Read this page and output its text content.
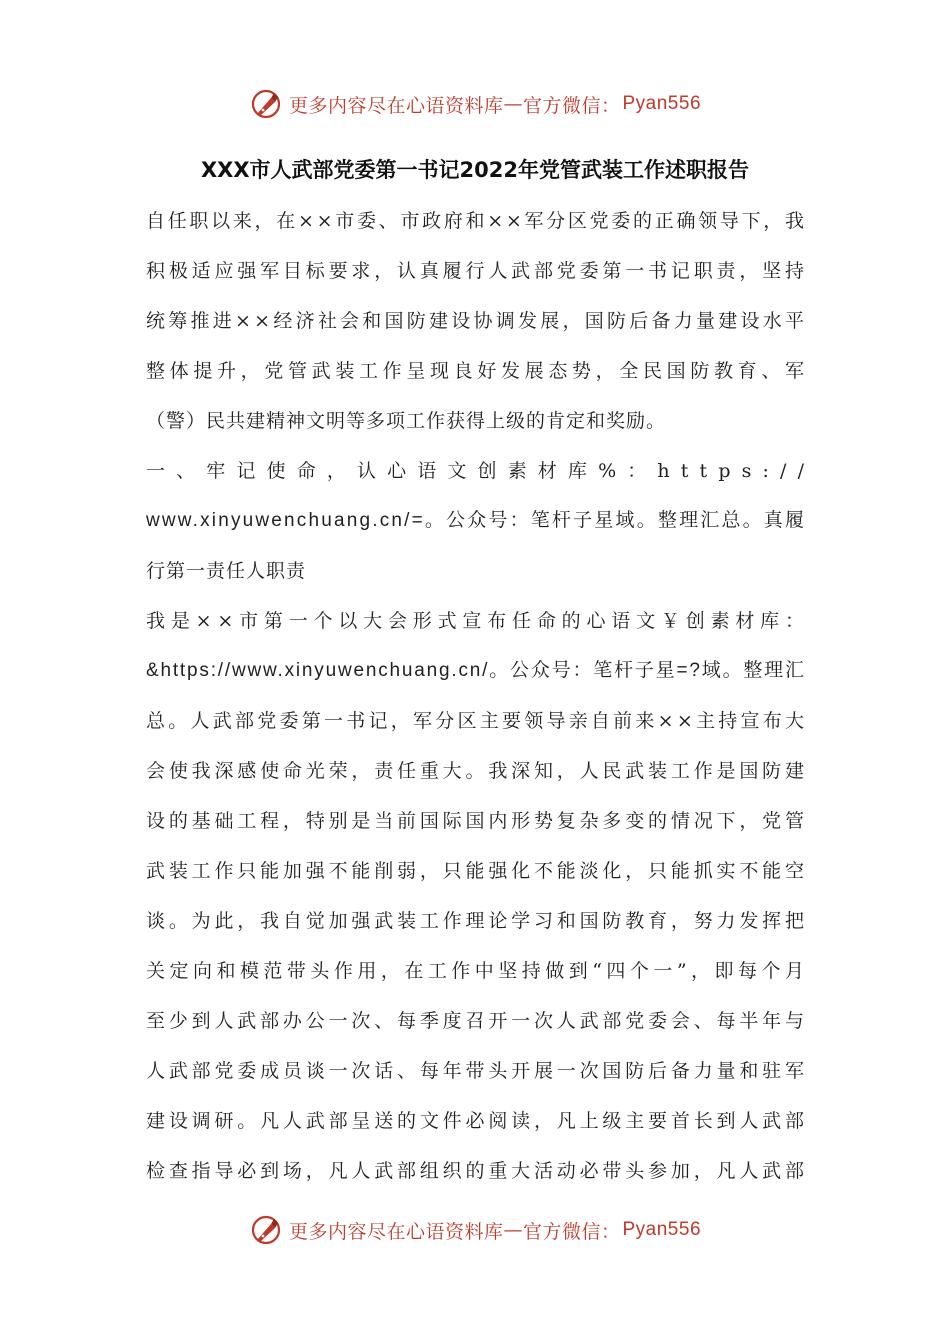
更多内容尽在心语资料库 — 官方微信： Pyan556
XXX市人武部党委第一书记2022年党管武装工作述职报告
自任职以来，在××市委、市政府和××军分区党委的正确领导下，我
积极适应强军目标要求，认真履行人武部党委第一书记职责，坚持
统筹推进××经济社会和国防建设协调发展，国防后备力量建设水平
整体提升，党管武装工作呈现良好发展态势，全民国防教育、军
（警）民共建精神文明等多项工作获得上级的肯定和奖励。
一、牢记使命，认心语文创素材库%：https://
www.xinyuwenchuang.cn/=。公众号：笔杆子星域。整理汇总。真履
行第一责任人职责
我是××市第一个以大会形式宣布任命的心语文￥创素材库：
&https://www.xinyuwenchuang.cn/。公众号：笔杆子星=?域。整理汇
总。人武部党委第一书记，军分区主要领导亲自前来××主持宣布大
会使我深感使命光荣，责任重大。我深知，人民武装工作是国防建
设的基础工程，特别是当前国际国内形势复杂多变的情况下，党管
武装工作只能加强不能削弱，只能强化不能淡化，只能抓实不能空
谈。为此，我自觉加强武装工作理论学习和国防教育，努力发挥把
关定向和模范带头作用，在工作中坚持做到“四个一”，即每个月
至少到人武部办公一次、每季度召开一次人武部党委会、每半年与
人武部党委成员谈一次话、每年带头开展一次国防后备力量和驻军
建设调研。凡人武部呈送的文件必阅读，凡上级主要首长到人武部
检查指导必到场，凡人武部组织的重大活动必带头参加，凡人武部
更多内容尽在心语资料库 — 官方微信： Pyan556
